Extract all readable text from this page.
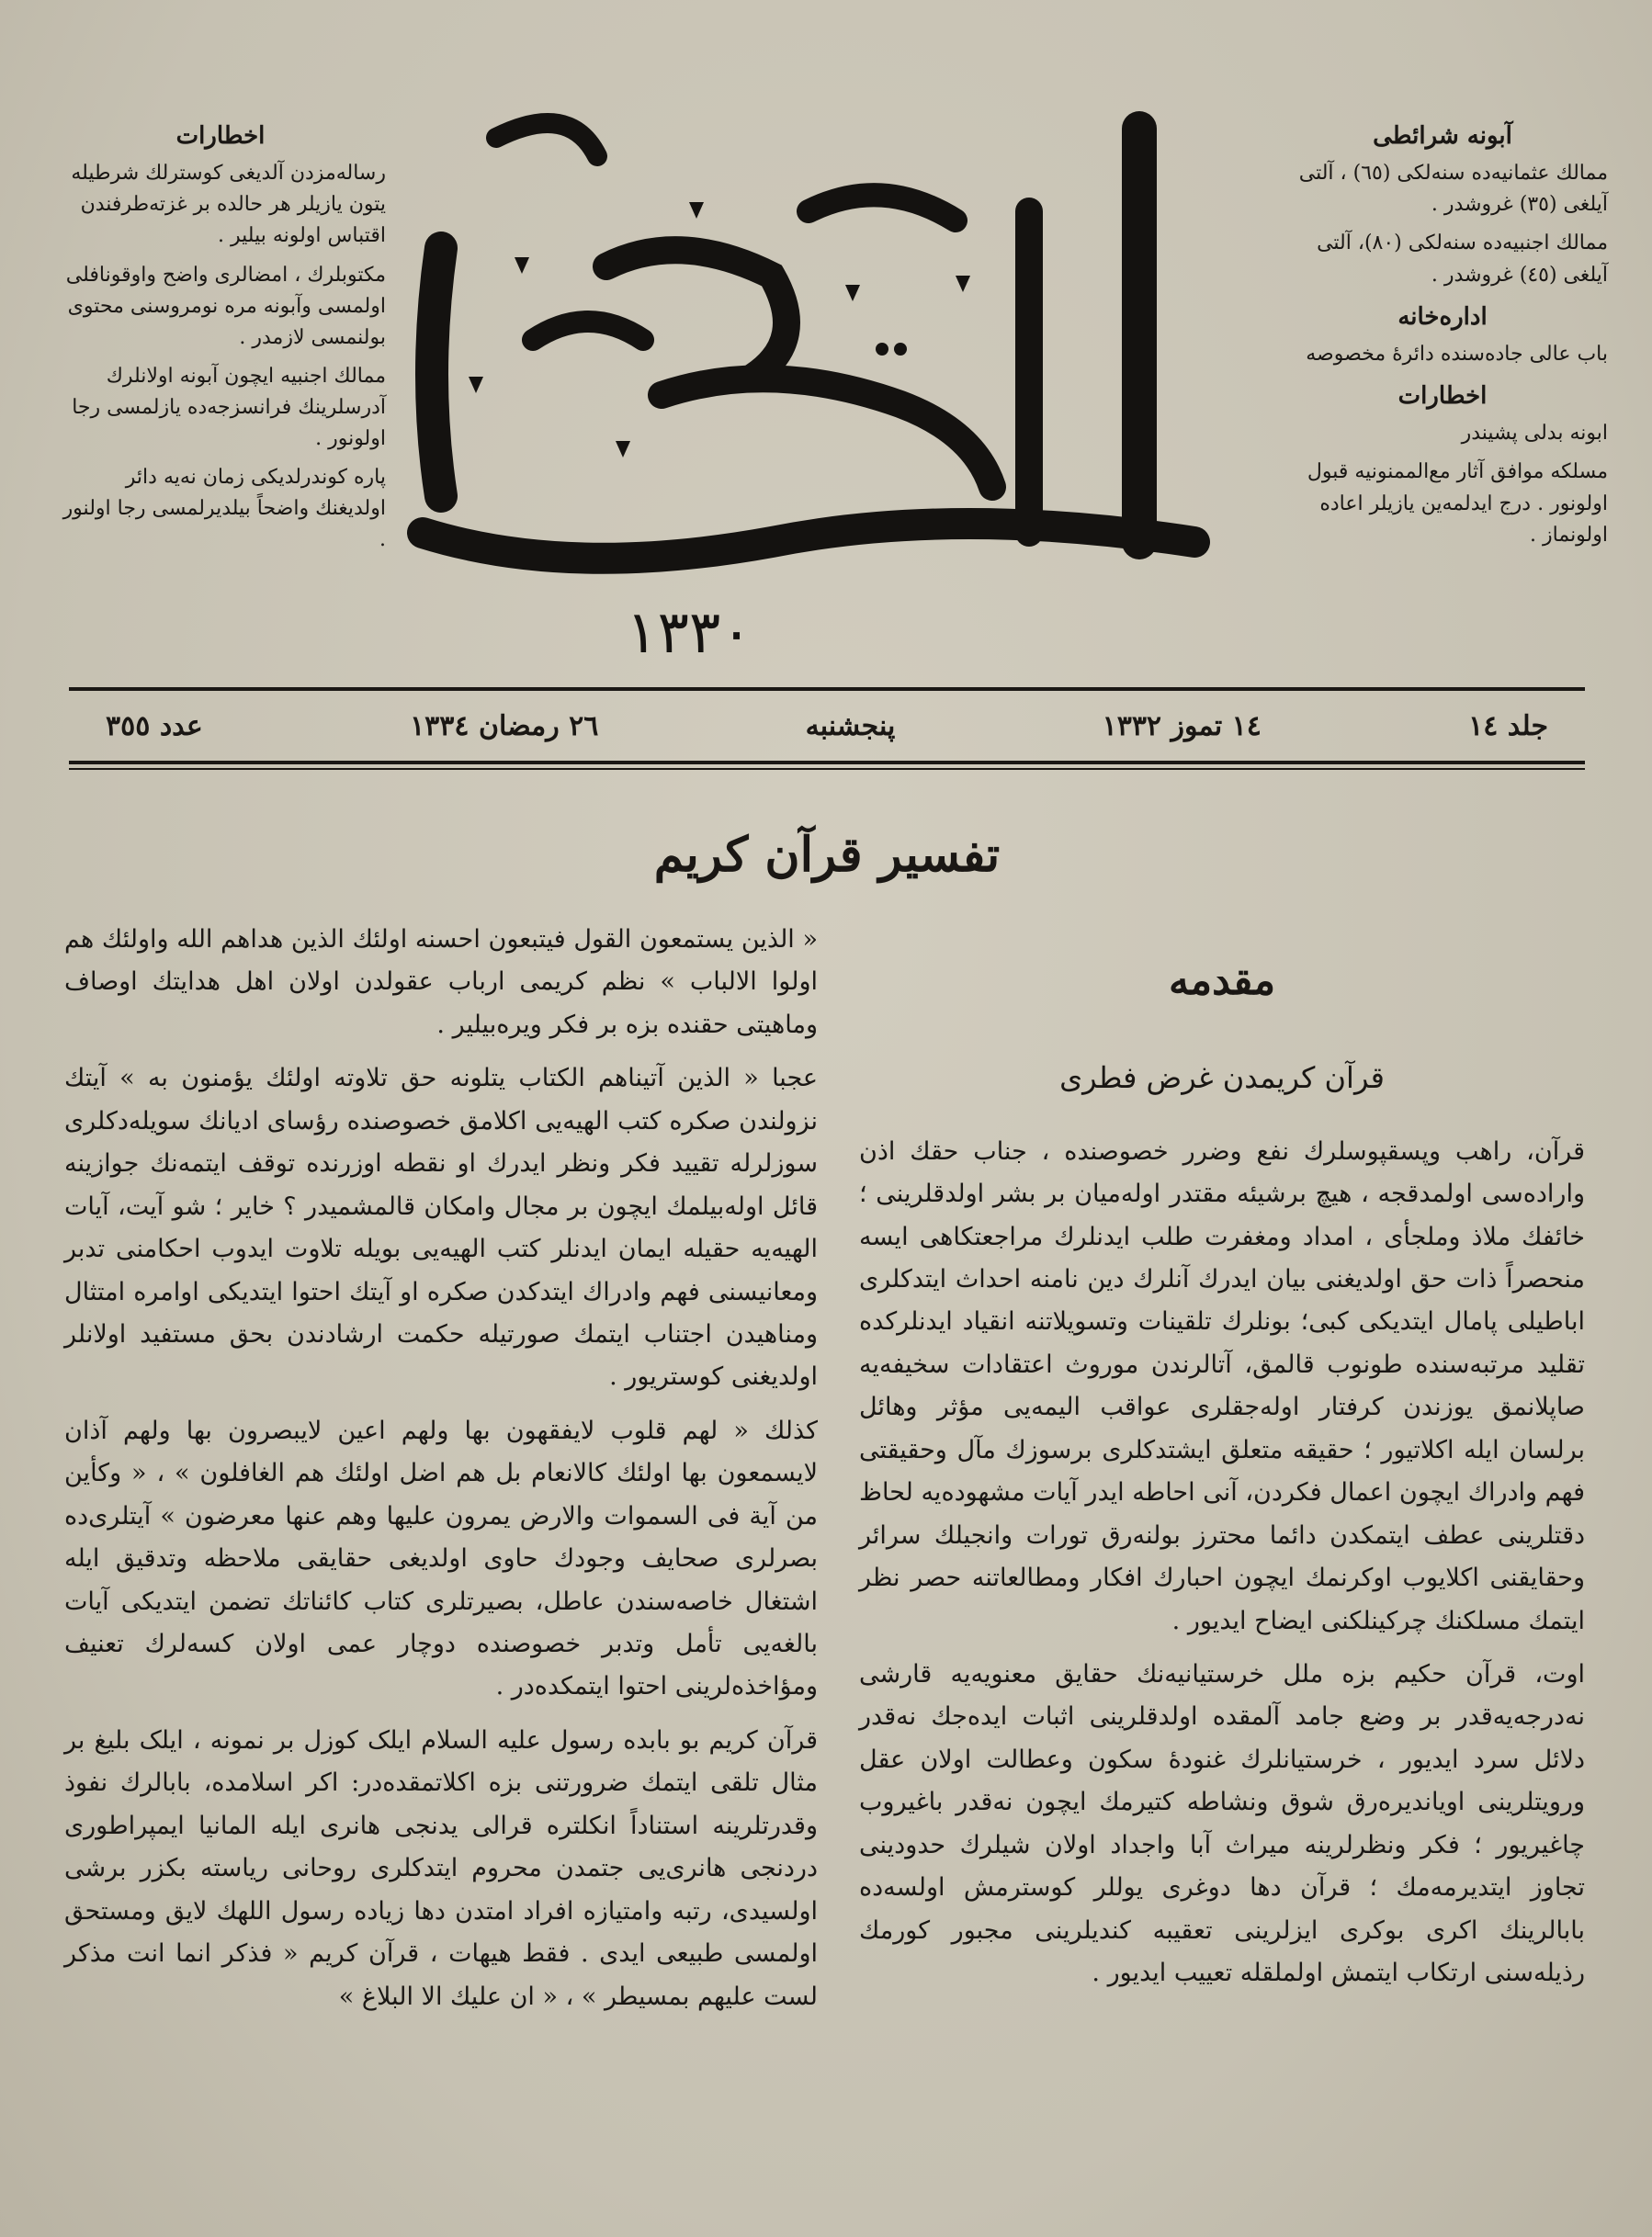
اخطارات

رساله‌مزدن آلدیغی کوسترلك شرطیله یتون یازیلر هر حالده بر غزته‌طرفندن اقتباس اولونه بیلیر .

مکتوبلرك ، امضالری واضح واوقونافلی اولمسی وآبونه مره نومروسنی محتوی بولنمسی لازمدر .

ممالك اجنبیه ایچون آبونه اولانلرك آدرسلرینك فرانسزجه‌ده یازلمسی رجا اولونور .

پاره کوندرلدیکی زمان نه‌یه دائر اولدیغنك واضحاً بیلدیرلمسی رجا اولنور .

١٣٣٠
آبونه شرائطی

ممالك عثمانیه‌ده سنه‌لکی (٦٥) ، آلتی آیلغی (٣٥) غروشدر .

ممالك اجنبیه‌ده سنه‌لکی (٨٠)، آلتی آیلغی (٤٥) غروشدر .

اداره‌خانه

باب عالی جاده‌سنده دائرهٔ مخصوصه

اخطارات

ابونه بدلی پشیندر

مسلکه موافق آثار مع‌الممنونیه قبول اولونور . درج ایدلمه‌ین یازیلر اعاده اولونماز .

عدد ٣٥٥	٢٦ رمضان ١٣٣٤	پنجشنبه	١٤ تموز ١٣٣٢	جلد ١٤
تفسیر قرآن کریم
مقدمه
قرآن کریمدن غرض فطری

قرآن، راهب وپسقپوسلرك نفع وضرر خصوصنده ، جناب حقك اذن واراده‌سی اولمدقجه ، هیچ برشیئه مقتدر اوله‌میان بر بشر اولدقلرینی ؛ خائفك ملاذ وملجأی ، امداد ومغفرت طلب ایدنلرك مراجعتکاهی ایسه منحصراً ذات حق اولدیغنی بیان ایدرك آنلرك دین نامنه احداث ایتدکلری اباطیلی پامال ایتدیکی کبی؛ بونلرك تلقینات وتسویلاتنه انقیاد ایدنلرکده تقلید مرتبه‌سنده طونوب قالمق، آتالرندن موروث اعتقادات سخیفه‌یه صاپلانمق یوزندن کرفتار اوله‌جقلری عواقب الیمه‌یی مؤثر وهائل برلسان ایله اکلاتیور ؛ حقیقه‌ متعلق ایشتدکلری برسوزك مآل وحقیقتی فهم وادراك ایچون اعمال فکردن، آنی احاطه ایدر آیات مشهوده‌یه لحاظ دقتلرینی عطف ایتمکدن دائما محترز بولنه‌رق تورات وانجیلك سرائر وحقایقنی اکلایوب اوکرنمك ایچون احبارك افکار ومطالعاتنه حصر نظر ایتمك مسلکنك چرکینلکنی ایضاح ایدیور .

اوت، قرآن حکیم بزه ملل خرستیانیه‌نك حقایق معنویه‌یه قارشی نه‌درجه‌یه‌قدر بر وضع جامد آلمقده اولدقلرینی اثبات ایده‌جك نه‌قدر دلائل سرد ایدیور ، خرستیانلرك غنودهٔ سکون وعطالت اولان عقل ورویتلرینی اویاندیره‌رق شوق ونشاطه کتیرمك ایچون نه‌قدر باغیروب چاغیریور ؛ فکر ونظرلرینه میراث آبا واجداد اولان شیلرك حدودینی تجاوز ایتدیرمه‌مك ؛ قرآن دها دوغری یوللر کوسترمش اولسه‌ده بابالرینك اکری بوکری ایزلرینی تعقیبه کندیلرینی مجبور کورمك رذیله‌سنی ارتکاب ایتمش اولملقله تعییب ایدیور .

« الذین یستمعون القول فیتبعون احسنه اولئك الذین هداهم الله واولئك هم اولوا الالباب » نظم کریمی ارباب عقولدن اولان اهل هدایتك اوصاف وماهیتی حقنده بزه بر فکر ویره‌بیلیر .

عجبا « الذین آتیناهم الکتاب یتلونه حق تلاوته اولئك یؤمنون به » آیتك نزولندن صکره کتب الهیه‌یی اکلامق خصوصنده رؤسای ادیانك سویله‌دکلری سوزلرله تقیید فکر ونظر ایدرك او نقطه اوزرنده توقف ایتمه‌نك جوازینه قائل اوله‌بیلمك ایچون بر مجال وامکان قالمشمیدر ؟ خایر ؛ شو آیت، آیات الهیه‌یه حقیله ایمان ایدنلر کتب الهیه‌یی بویله تلاوت ایدوب احکامنی تدبر ومعانیسنی فهم وادراك ایتدکدن صکره او آیتك احتوا ایتدیکی اوامره امتثال ومناهیدن اجتناب ایتمك صورتیله حکمت ارشادندن بحق مستفید اولانلر اولدیغنی کوستریور .

کذلك « لهم قلوب لایفقهون بها ولهم اعین لایبصرون بها ولهم آذان لایسمعون بها اولئك کالانعام بل هم اضل اولئك هم الغافلون » ، « وکأین من آیة فی السموات والارض یمرون علیها وهم عنها معرضون » آیتلری‌ده بصرلری صحایف وجودك حاوی اولدیغی حقایقی ملاحظه وتدقیق ایله اشتغال خاصه‌سندن عاطل، بصیرتلری کتاب کائناتك تضمن ایتدیکی آیات بالغه‌یی تأمل وتدبر خصوصنده دوچار عمی اولان کسه‌لرك تعنیف ومؤاخذه‌لرینی احتوا ایتمکده‌در .

قرآن کریم بو بابده رسول علیه السلام ایلک کوزل بر نمونه ، ایلک بلیغ بر مثال تلقی ایتمك ضرورتنی بزه اکلاتمقده‌در: اکر اسلامده، بابالرك نفوذ وقدرتلرینه استناداً انکلتره قرالی یدنجی هانری ایله المانیا ایمپراطوری دردنجی هانری‌یی جتمدن محروم ایتدکلری روحانی ریاسته بکزر برشی اولسیدی، رتبه وامتیازه افراد امتدن دها زیاده رسول اللهك لایق ومستحق اولمسی طبیعی ایدی . فقط هیهات ، قرآن کریم « فذکر انما انت مذکر لست علیهم بمسیطر » ، « ان علیك الا البلاغ »
